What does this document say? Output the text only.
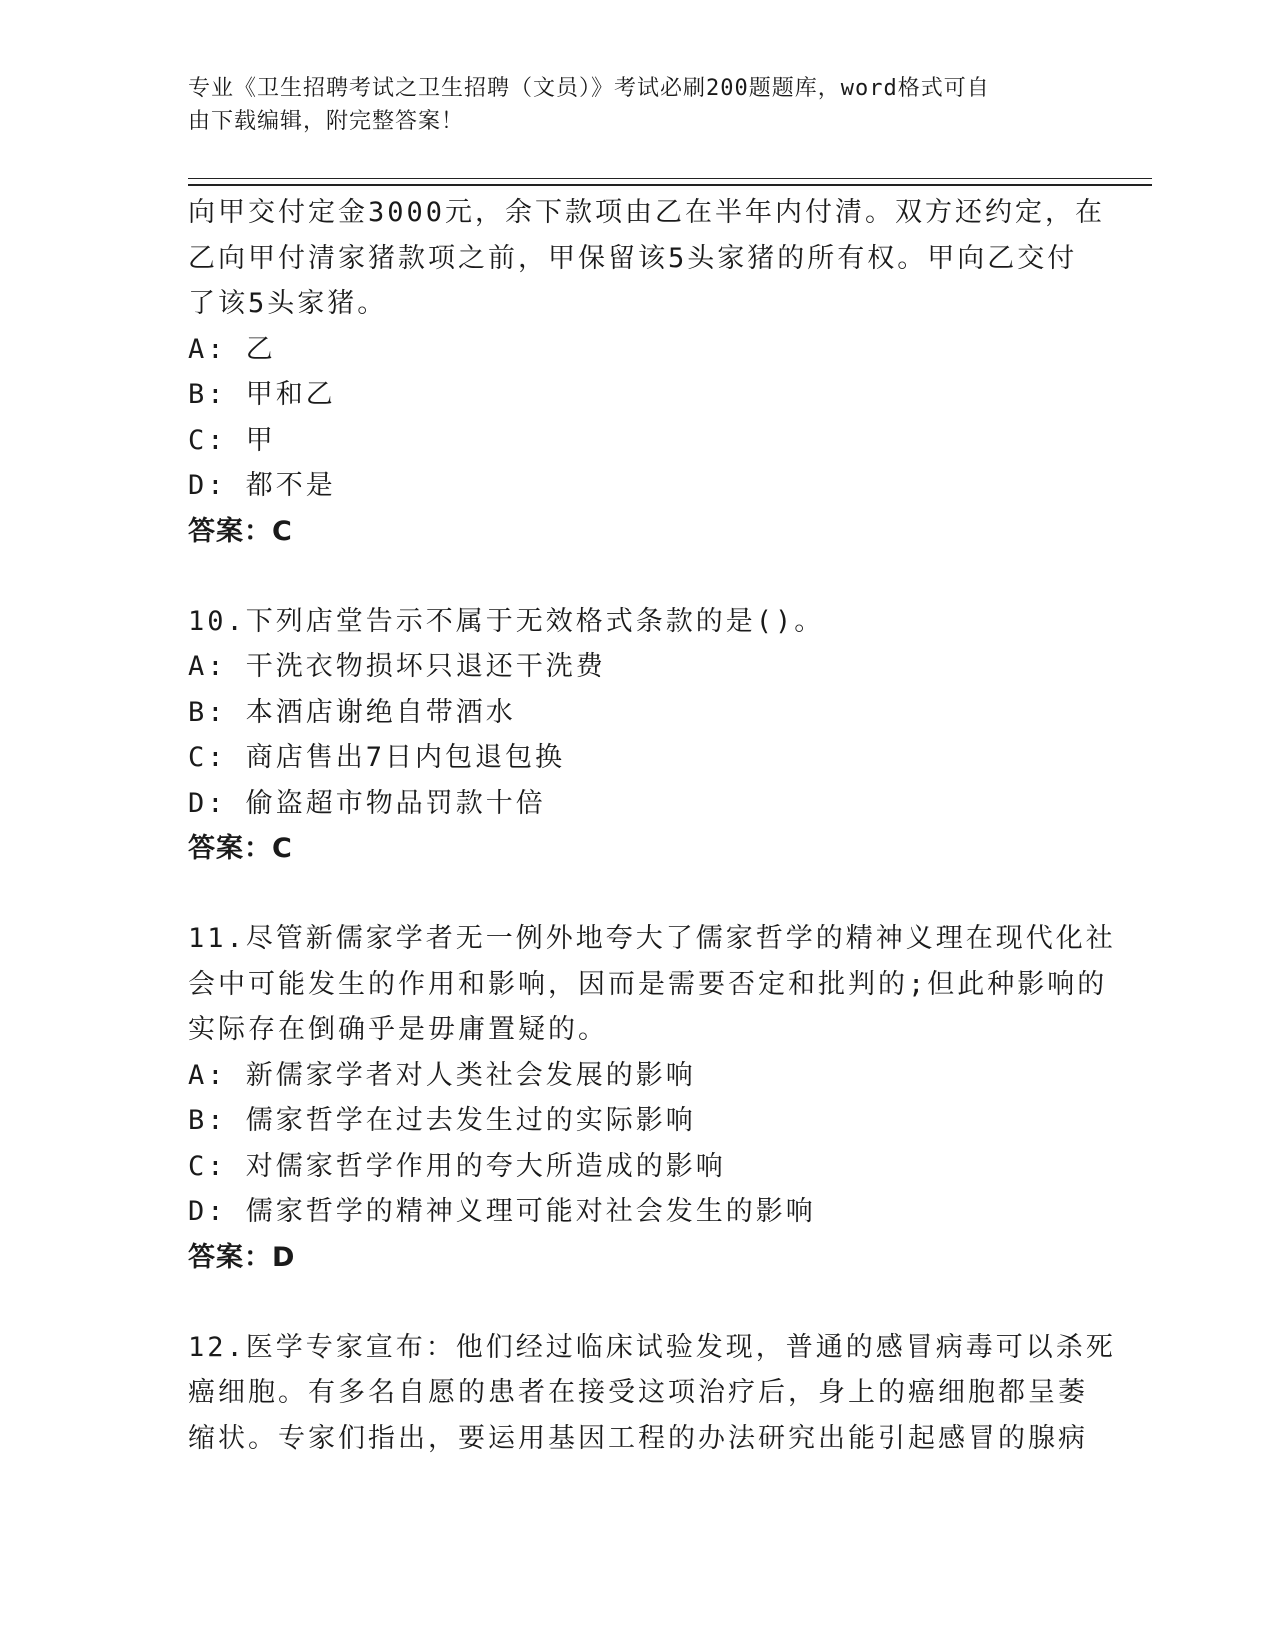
专业《卫生招聘考试之卫生招聘（文员）》考试必刷200题题库，word格式可自
由下载编辑，附完整答案！
向甲交付定金3000元，余下款项由乙在半年内付清。双方还约定，在
乙向甲付清家猪款项之前，甲保留该5头家猪的所有权。甲向乙交付
了该5头家猪。
A: 乙
B: 甲和乙
C: 甲
D: 都不是
答案：C
10.下列店堂告示不属于无效格式条款的是()。
A: 干洗衣物损坏只退还干洗费
B: 本酒店谢绝自带酒水
C: 商店售出7日内包退包换
D: 偷盗超市物品罚款十倍
答案：C
11.尽管新儒家学者无一例外地夸大了儒家哲学的精神义理在现代化社
会中可能发生的作用和影响，因而是需要否定和批判的;但此种影响的
实际存在倒确乎是毋庸置疑的。
A: 新儒家学者对人类社会发展的影响
B: 儒家哲学在过去发生过的实际影响
C: 对儒家哲学作用的夸大所造成的影响
D: 儒家哲学的精神义理可能对社会发生的影响
答案：D
12.医学专家宣布：他们经过临床试验发现，普通的感冒病毒可以杀死
癌细胞。有多名自愿的患者在接受这项治疗后，身上的癌细胞都呈萎
缩状。专家们指出，要运用基因工程的办法研究出能引起感冒的腺病
